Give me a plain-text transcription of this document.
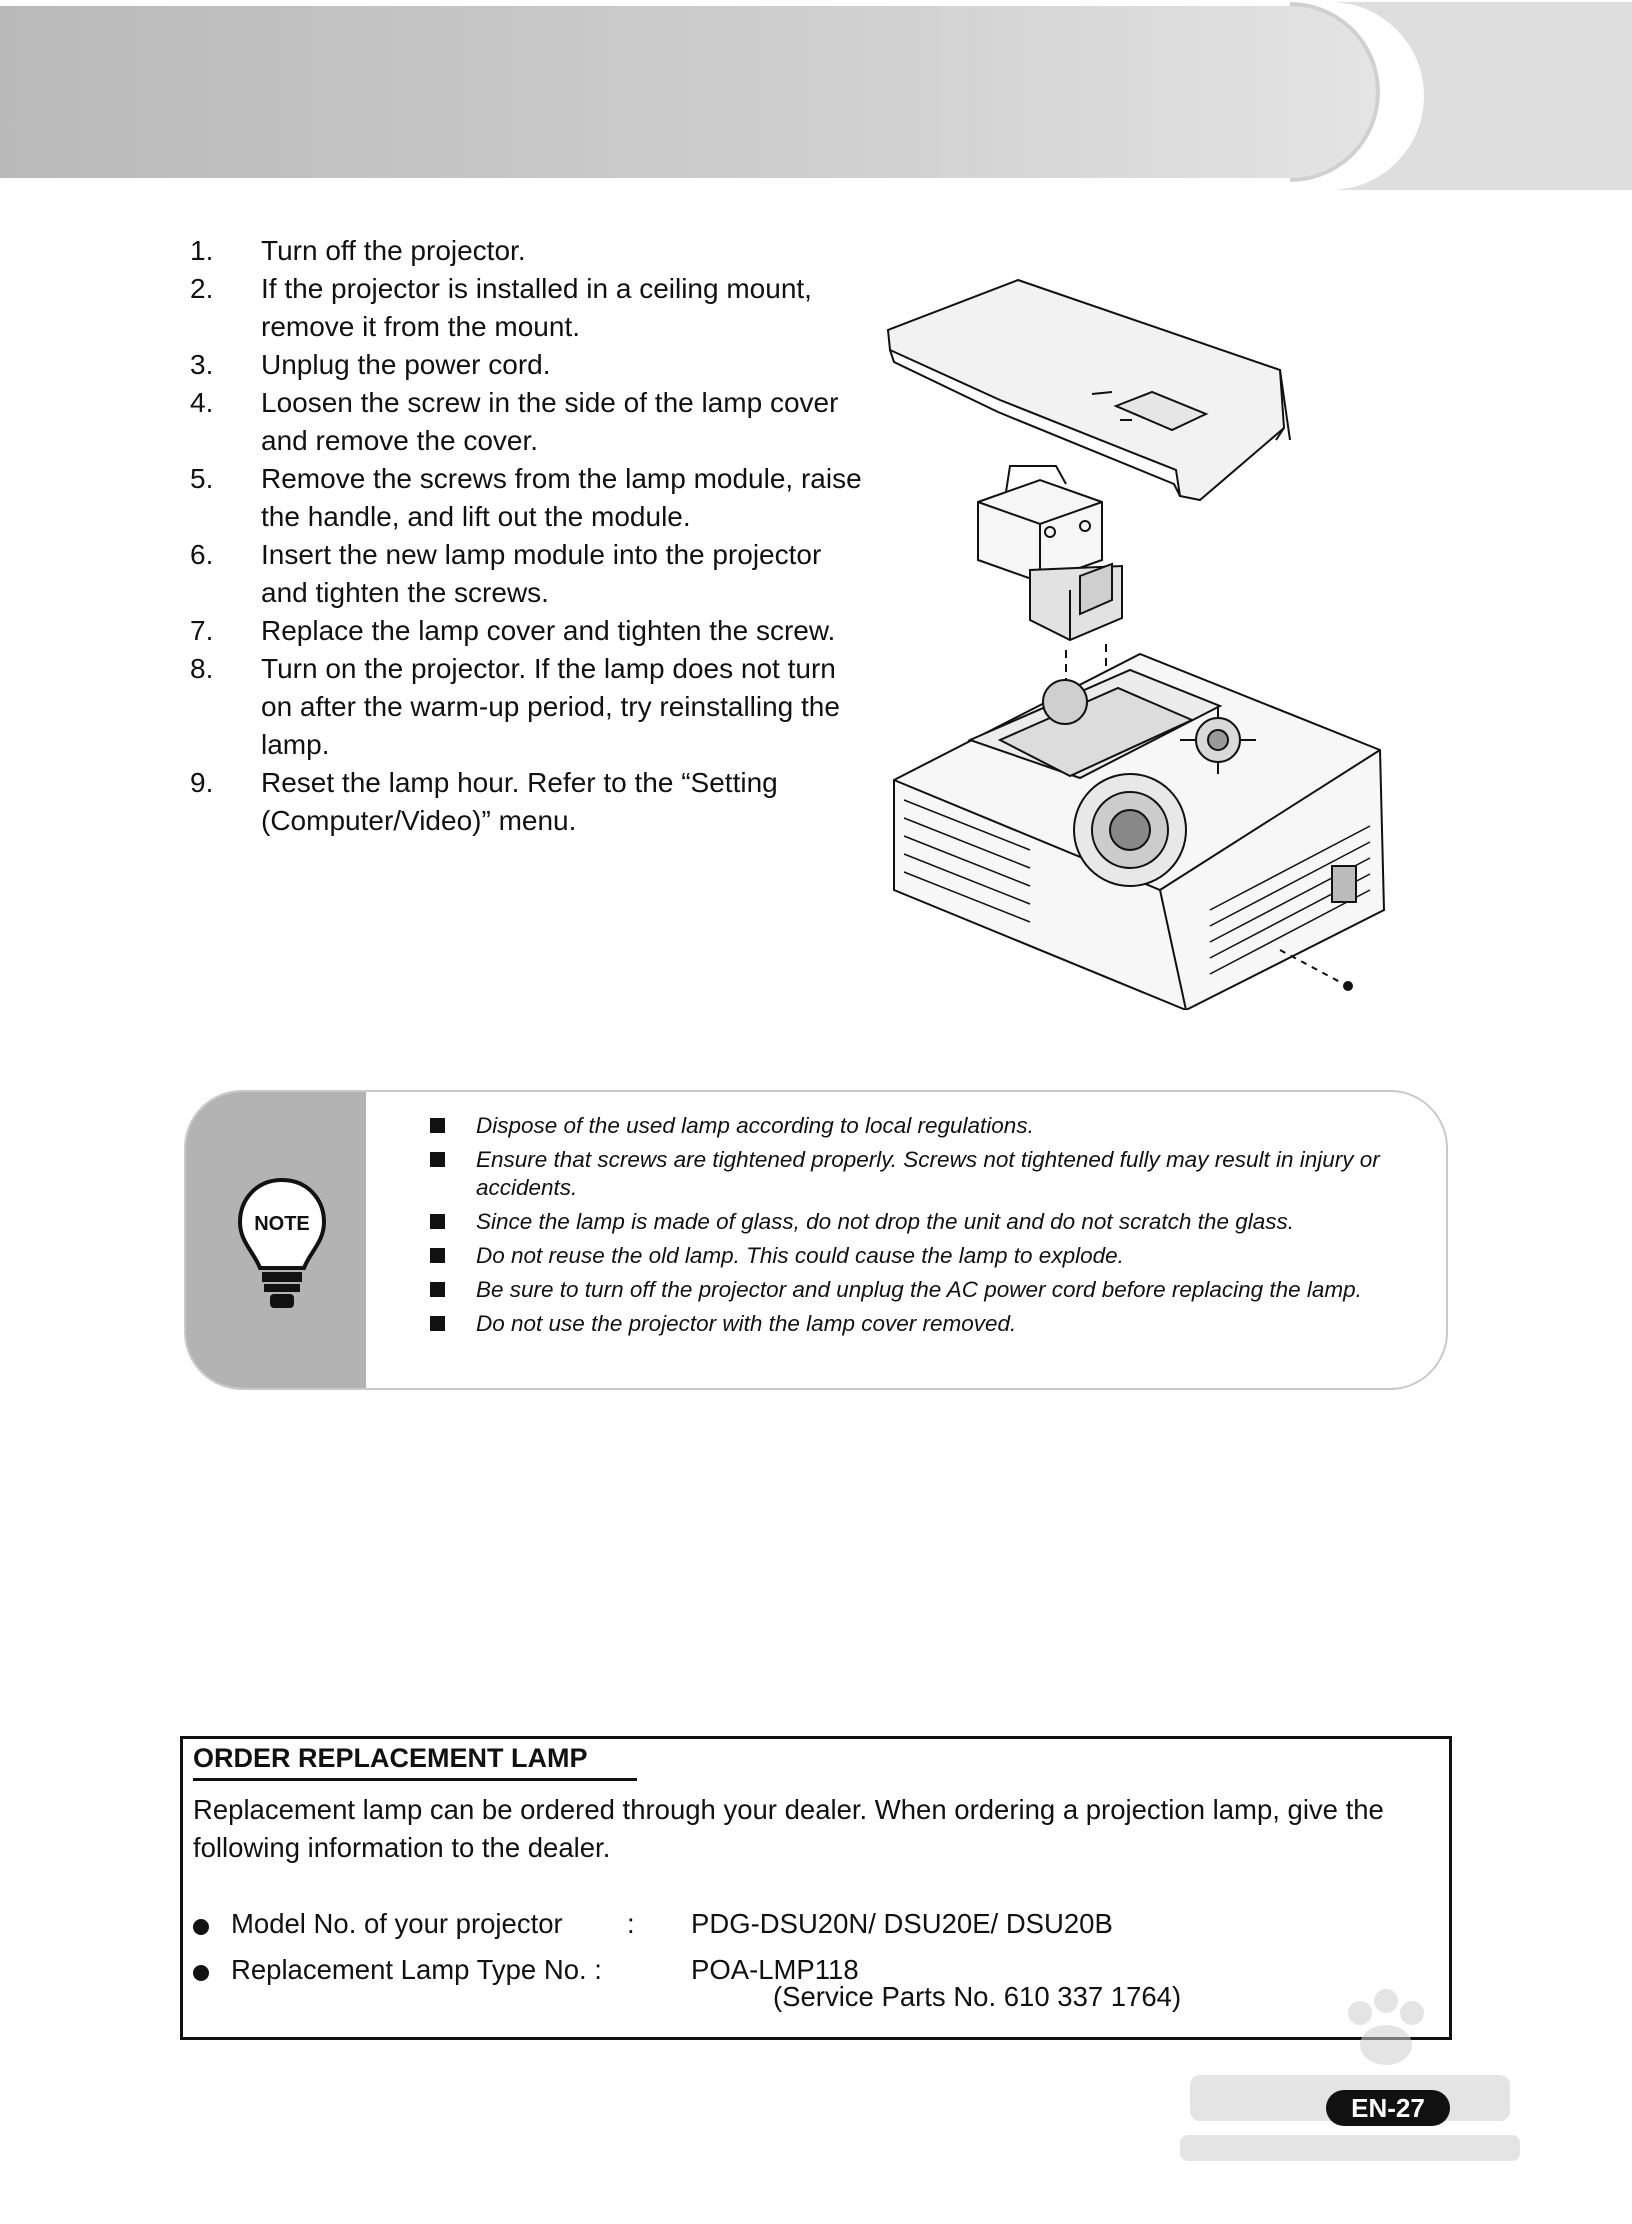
1.	Turn off the projector.
2.	If the projector is installed in a ceiling mount, remove it from the mount.
3.	Unplug the power cord.
4.	Loosen the screw in the side of the lamp cover and remove the cover.
5.	Remove the screws from the lamp module, raise the handle, and lift out the module.
6.	Insert the new lamp module into the projector and tighten the screws.
7.	Replace the lamp cover and tighten the screw.
8.	Turn on the projector. If the lamp does not turn on after the warm-up period, try reinstalling the lamp.
9.	Reset the lamp hour. Refer to the “Setting (Computer/Video)” menu.
NOTE
Dispose of the used lamp according to local regulations.
Ensure that screws are tightened properly. Screws not tightened fully may result in injury or accidents.
Since the lamp is made of glass, do not drop the unit and do not scratch the glass.
Do not reuse the old lamp. This could cause the lamp to explode.
Be sure to turn off the projector and unplug the AC power cord before replacing the lamp.
Do not use the projector with the lamp cover removed.
ORDER REPLACEMENT LAMP
Replacement lamp can be ordered through your dealer. When ordering a projection lamp, give the following information to the dealer.
Model No. of your projector : PDG-DSU20N/ DSU20E/ DSU20B
Replacement Lamp Type No. :	POA-LMP118
(Service Parts No. 610 337 1764)
EN-27
